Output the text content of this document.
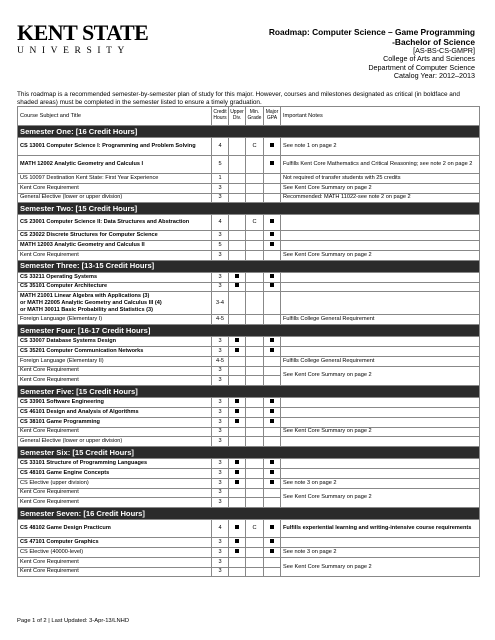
KENT STATE
UNIVERSITY
Roadmap: Computer Science – Game Programming
-Bachelor of Science
[AS-BS-CS-GMPR]
College of Arts and Sciences
Department of Computer Science
Catalog Year: 2012–2013
This roadmap is a recommended semester-by-semester plan of study for this major. However, courses and milestones designated as critical (in boldface and shaded areas) must be completed in the semester listed to ensure a timely graduation.
Course Subject and Title	Credit Hours	Upper Div.	Min. Grade	Major GPA	Important Notes
Semester One: [16 Credit Hours]					
CS 13001 Computer Science I: Programming and Problem Solving	4		C		See note 1 on page 2
MATH 12002 Analytic Geometry and Calculus I	5				Fulfills Kent Core Mathematics and Critical Reasoning; see note 2 on page 2
US 10097 Destination Kent State: First Year Experience	1				Not required of transfer students with 25 credits
Kent Core Requirement	3				See Kent Core Summary on page 2
General Elective (lower or upper division)	3				Recommended: MATH 11022-see note 2 on page 2
Semester Two: [15 Credit Hours]					
CS 23001 Computer Science II: Data Structures and Abstraction	4		C		
CS 23022 Discrete Structures for Computer Science	3				
MATH 12003 Analytic Geometry and Calculus II	5				
Kent Core Requirement	3				See Kent Core Summary on page 2
Semester Three: [13-15 Credit Hours]					
CS 33211 Operating Systems	3				
CS 35101 Computer Architecture	3				

MATH 21001 Linear Algebra with Applications (3)
or MATH 22005 Analytic Geometry and Calculus III (4)
or MATH 30011 Basic Probability and Statistics (3)	3-4				
Foreign Language (Elementary I)	4-5				Fulfills College General Requirement
Semester Four: [16-17 Credit Hours]					
CS 33007 Database Systems Design	3				
CS 35201 Computer Communication Networks	3				
Foreign Language (Elementary II)	4-5				Fulfills College General Requirement
Kent Core Requirement	3				See Kent Core Summary on page 2
Kent Core Requirement	3				
Semester Five: [15 Credit Hours]					
CS 33901 Software Engineering	3				
CS 46101 Design and Analysis of Algorithms	3				
CS 38101 Game Programming	3				
Kent Core Requirement	3				See Kent Core Summary on page 2
General Elective (lower or upper division)	3				
Semester Six: [15 Credit Hours]					
CS 33101 Structure of Programming Languages	3				
CS 48101 Game Engine Concepts	3				
CS Elective (upper division)	3				See note 3 on page 2
Kent Core Requirement	3				See Kent Core Summary on page 2
Kent Core Requirement	3				
Semester Seven: [16 Credit Hours]					
CS 48102 Game Design Practicum	4		C		Fulfills experiential learning and writing-intensive course requirements
CS 47101 Computer Graphics	3				
CS Elective (40000-level)	3				See note 3 on page 2
Kent Core Requirement	3				See Kent Core Summary on page 2
Kent Core Requirement	3				
Page 1 of 2 | Last Updated: 3-Apr-13/LNHD
